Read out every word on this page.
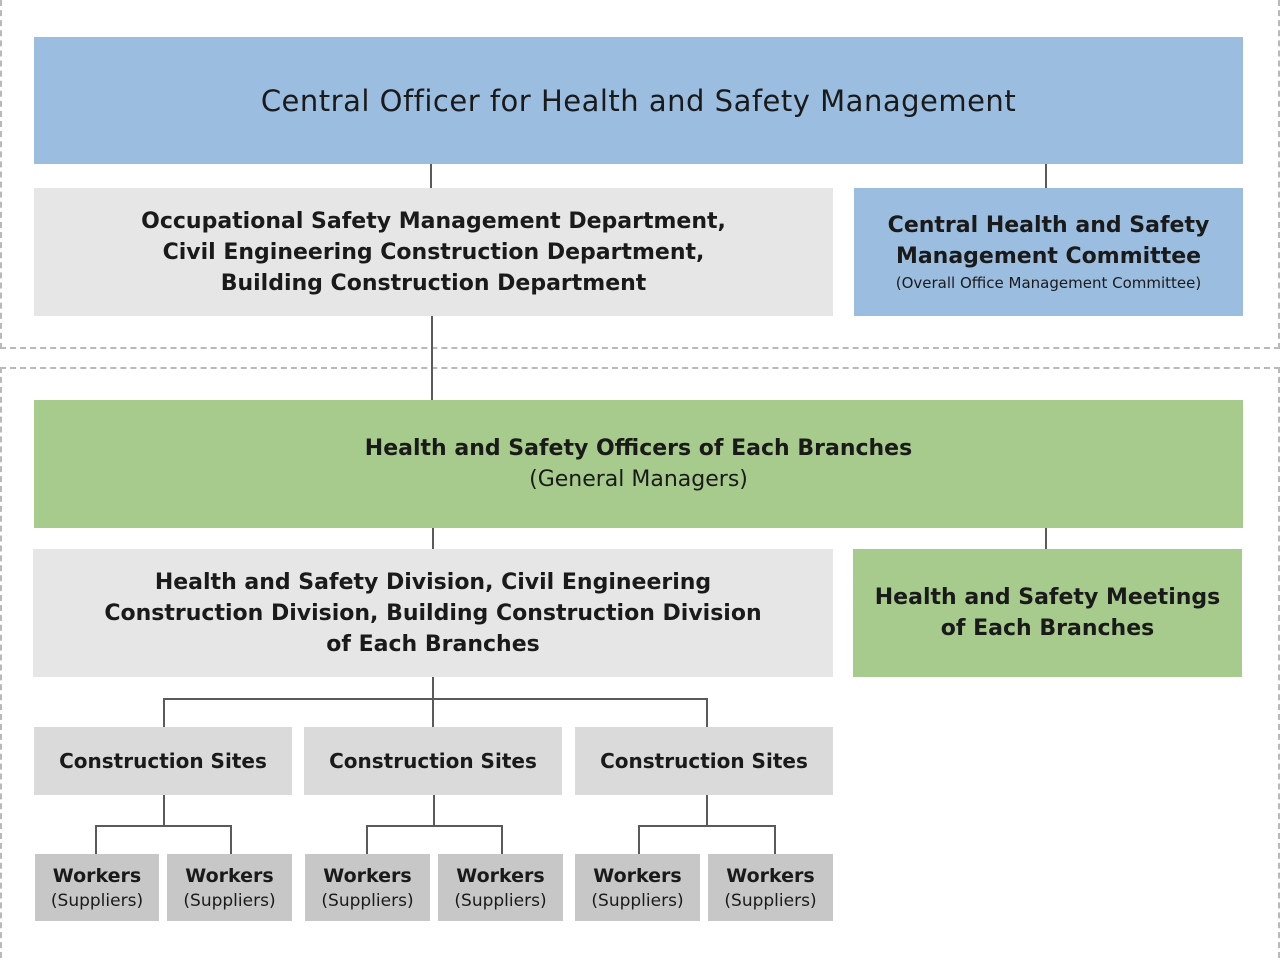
Central Officer for Health and Safety Management
Occupational Safety Management Department,
Civil Engineering Construction Department,
Building Construction Department
Central Health and Safety
Management Committee
(Overall Office Management Committee)
Health and Safety Officers of Each Branches
(General Managers)
Health and Safety Division, Civil Engineering
Construction Division, Building Construction Division
of Each Branches
Health and Safety Meetings
of Each Branches
Construction Sites	Construction Sites	Construction Sites
Workers
(Suppliers)
Workers
(Suppliers)
Workers
(Suppliers)
Workers
(Suppliers)
Workers
(Suppliers)
Workers
(Suppliers)
